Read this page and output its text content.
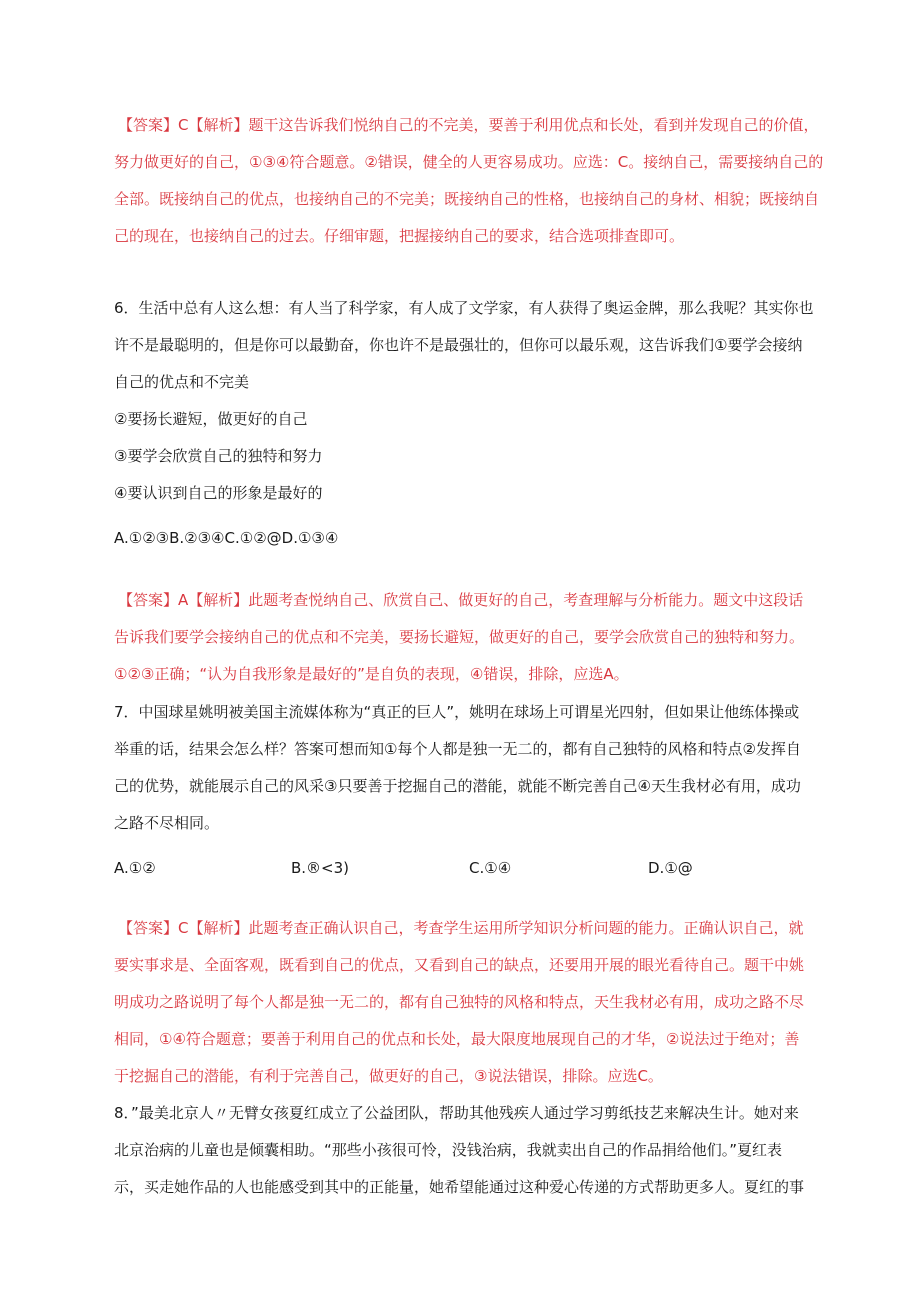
【答案】C【解析】题干这告诉我们悦纳自己的不完美，要善于利用优点和长处，看到并发现自己的价值，
努力做更好的自己，①③④符合题意。②错误，健全的人更容易成功。应选：C。接纳自己，需要接纳自己的
全部。既接纳自己的优点，也接纳自己的不完美；既接纳自己的性格，也接纳自己的身材、相貌；既接纳自
己的现在，也接纳自己的过去。仔细审题，把握接纳自己的要求，结合选项排查即可。
6．生活中总有人这么想：有人当了科学家，有人成了文学家，有人获得了奥运金牌，那么我呢？其实你也
许不是最聪明的，但是你可以最勤奋，你也许不是最强壮的，但你可以最乐观，这告诉我们①要学会接纳
自己的优点和不完美
②要扬长避短，做更好的自己
③要学会欣赏自己的独特和努力
④要认识到自己的形象是最好的
A.①②③B.②③④C.①②@D.①③④
【答案】A【解析】此题考查悦纳自己、欣赏自己、做更好的自己，考查理解与分析能力。题文中这段话
告诉我们要学会接纳自己的优点和不完美，要扬长避短，做更好的自己，要学会欣赏自己的独特和努力。
①②③正确；“认为自我形象是最好的”是自负的表现，④错误，排除，应选A。
7．中国球星姚明被美国主流媒体称为“真正的巨人”，姚明在球场上可谓星光四射，但如果让他练体操或
举重的话，结果会怎么样？答案可想而知①每个人都是独一无二的，都有自己独特的风格和特点②发挥自
己的优势，就能展示自己的风采③只要善于挖掘自己的潜能，就能不断完善自己④天生我材必有用，成功
之路不尽相同。
A.①②	B.®<3)	C.①④	D.①@
【答案】C【解析】此题考查正确认识自己，考查学生运用所学知识分析问题的能力。正确认识自己，就
要实事求是、全面客观，既看到自己的优点，又看到自己的缺点，还要用开展的眼光看待自己。题干中姚
明成功之路说明了每个人都是独一无二的，都有自己独特的风格和特点，天生我材必有用，成功之路不尽
相同，①④符合题意；要善于利用自己的优点和长处，最大限度地展现自己的才华，②说法过于绝对；善
于挖掘自己的潜能，有利于完善自己，做更好的自己，③说法错误，排除。应选C。
8．”最美北京人〃无臂女孩夏红成立了公益团队，帮助其他残疾人通过学习剪纸技艺来解决生计。她对来
北京治病的儿童也是倾囊相助。“那些小孩很可怜，没钱治病，我就卖出自己的作品捐给他们。”夏红表
示，买走她作品的人也能感受到其中的正能量，她希望能通过这种爱心传递的方式帮助更多人。夏红的事
